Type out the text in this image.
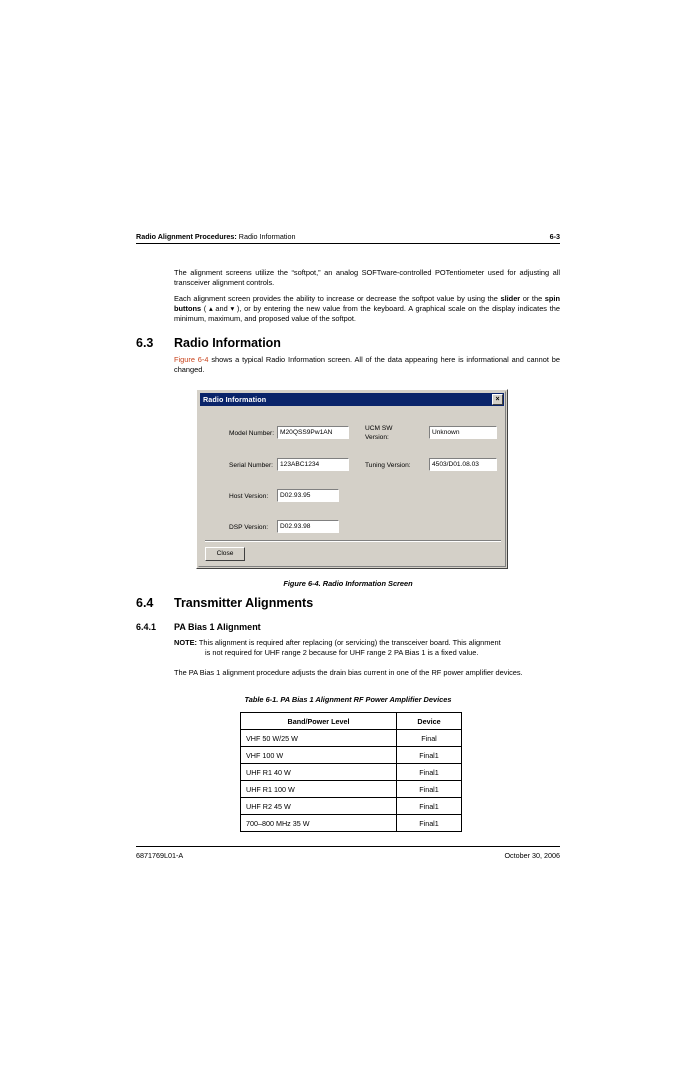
Radio Alignment Procedures: Radio Information	6-3
The alignment screens utilize the “softpot,” an analog SOFTware-controlled POTentiometer used for adjusting all transceiver alignment controls.
Each alignment screen provides the ability to increase or decrease the softpot value by using the slider or the spin buttons ( ▴ and ▾ ), or by entering the new value from the keyboard. A graphical scale on the display indicates the minimum, maximum, and proposed value of the softpot.
6.3 Radio Information
Figure 6-4 shows a typical Radio Information screen. All of the data appearing here is informational and cannot be changed.
Radio Information	×
Model Number: M20QSS9Pw1AN
Serial Number:	123ABC1234
Host Version:	D02.93.95
DSP Version:	D02.93.98
UCM SW
Version:
Unknown
Tuning Version:	4503/D01.08.03
Close
Figure 6-4. Radio Information Screen
6.4 Transmitter Alignments
6.4.1 PA Bias 1 Alignment
NOTE: This alignment is required after replacing (or servicing) the transceiver board. This alignment
is not required for UHF range 2 because for UHF range 2 PA Bias 1 is a fixed value.
The PA Bias 1 alignment procedure adjusts the drain bias current in one of the RF power amplifier devices.
Table 6-1. PA Bias 1 Alignment RF Power Amplifier Devices
Band/Power Level	Device
VHF 50 W/25 W	Final
VHF 100 W	Final1
UHF R1 40 W	Final1
UHF R1 100 W	Final1
UHF R2 45 W	Final1
700–800 MHz 35 W	Final1
6871769L01-A	October 30, 2006
